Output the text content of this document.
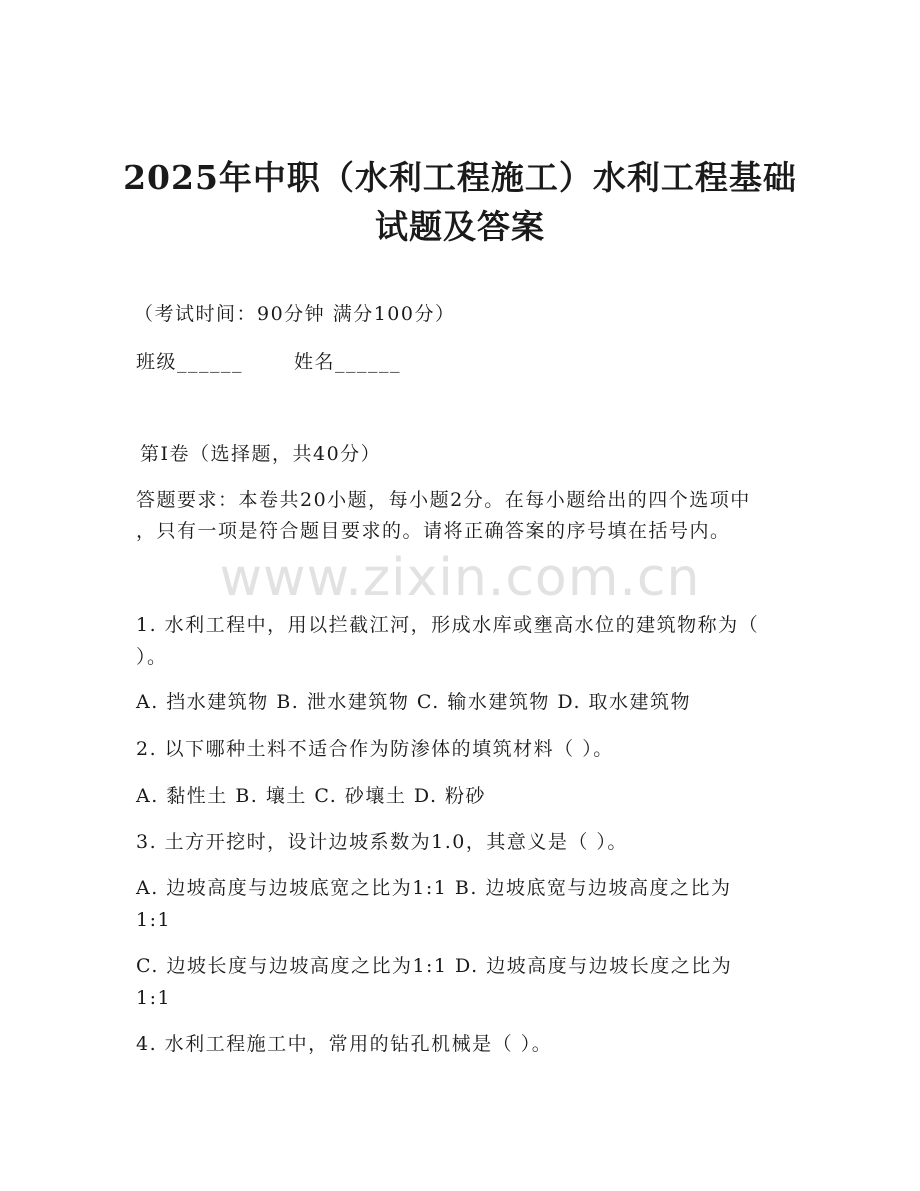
2025年中职（水利工程施工）水利工程基础
试题及答案
（考试时间：90分钟 满分100分）
班级______	姓名______
第I卷（选择题，共40分）
答题要求：本卷共20小题，每小题2分。在每小题给出的四个选项中
，只有一项是符合题目要求的。请将正确答案的序号填在括号内。
www.zixin.com.cn
1. 水利工程中，用以拦截江河，形成水库或壅高水位的建筑物称为（
）。
A. 挡水建筑物 B. 泄水建筑物 C. 输水建筑物 D. 取水建筑物
2. 以下哪种土料不适合作为防渗体的填筑材料（ ）。
A. 黏性土 B. 壤土 C. 砂壤土 D. 粉砂
3. 土方开挖时，设计边坡系数为1.0，其意义是（ ）。
A. 边坡高度与边坡底宽之比为1:1 B. 边坡底宽与边坡高度之比为
1:1
C. 边坡长度与边坡高度之比为1:1 D. 边坡高度与边坡长度之比为
1:1
4. 水利工程施工中，常用的钻孔机械是（ ）。
